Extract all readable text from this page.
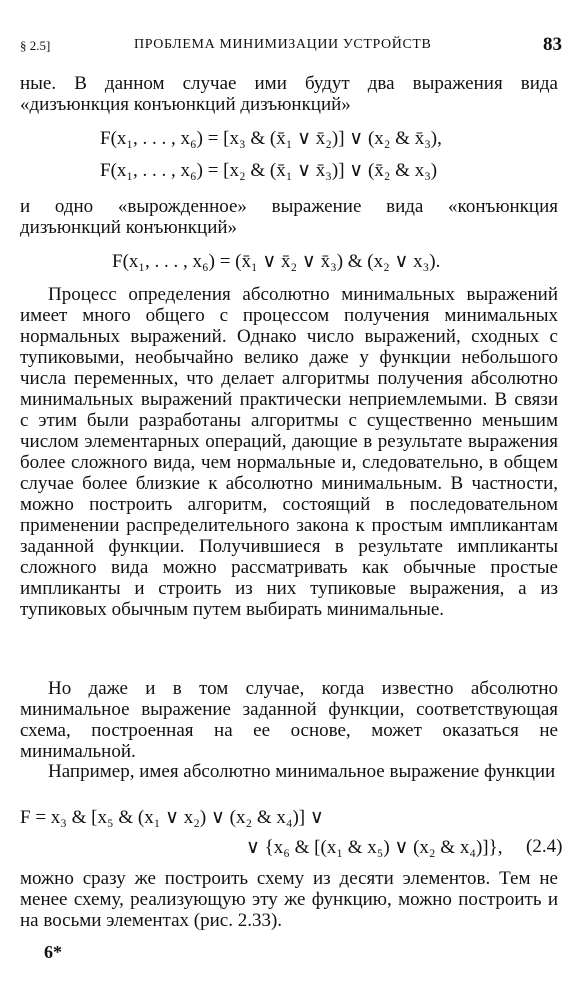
§ 2.5]	ПРОБЛЕМА МИНИМИЗАЦИИ УСТРОЙСТВ	83

ные. В данном случае ими будут два выражения вида «дизъюнкция конъюнкций дизъюнкций»

F(x₁, . . . , x₆) = [x₃ & (x̄₁ ∨ x̄₂)] ∨ (x₂ & x̄₃),
F(x₁, . . . , x₆) = [x₂ & (x̄₁ ∨ x̄₃)] ∨ (x̄₂ & x₃)

и одно «вырожденное» выражение вида «конъюнкция дизъюнкций конъюнкций»

F(x₁, . . . , x₆) = (x̄₁ ∨ x̄₂ ∨ x̄₃) & (x₂ ∨ x₃).

Процесс определения абсолютно минимальных выражений имеет много общего с процессом получения минимальных нормальных выражений. Однако число выражений, сходных с тупиковыми, необычайно велико даже у функции небольшого числа переменных, что делает алгоритмы получения абсолютно минимальных выражений практически неприемлемыми. В связи с этим были разработаны алгоритмы с существенно меньшим числом элементарных операций, дающие в результате выражения более сложного вида, чем нормальные и, следовательно, в общем случае более близкие к абсолютно минимальным. В частности, можно построить алгоритм, состоящий в последовательном применении распределительного закона к простым импликантам заданной функции. Получившиеся в результате импликанты сложного вида можно рассматривать как обычные простые импликанты и строить из них тупиковые выражения, а из тупиковых обычным путем выбирать минимальные.

Но даже и в том случае, когда известно абсолютно минимальное выражение заданной функции, соответствующая схема, построенная на ее основе, может оказаться не минимальной.

Например, имея абсолютно минимальное выражение функции

F = x₃ & [x₅ & (x₁ ∨ x₂) ∨ (x₂ & x₄)] ∨
∨ {x₆ & [(x₁ & x₅) ∨ (x₂ & x₄)]}, (2.4)

можно сразу же построить схему из десяти элементов. Тем не менее схему, реализующую эту же функцию, можно построить и на восьми элементах (рис. 2.33).

6*
